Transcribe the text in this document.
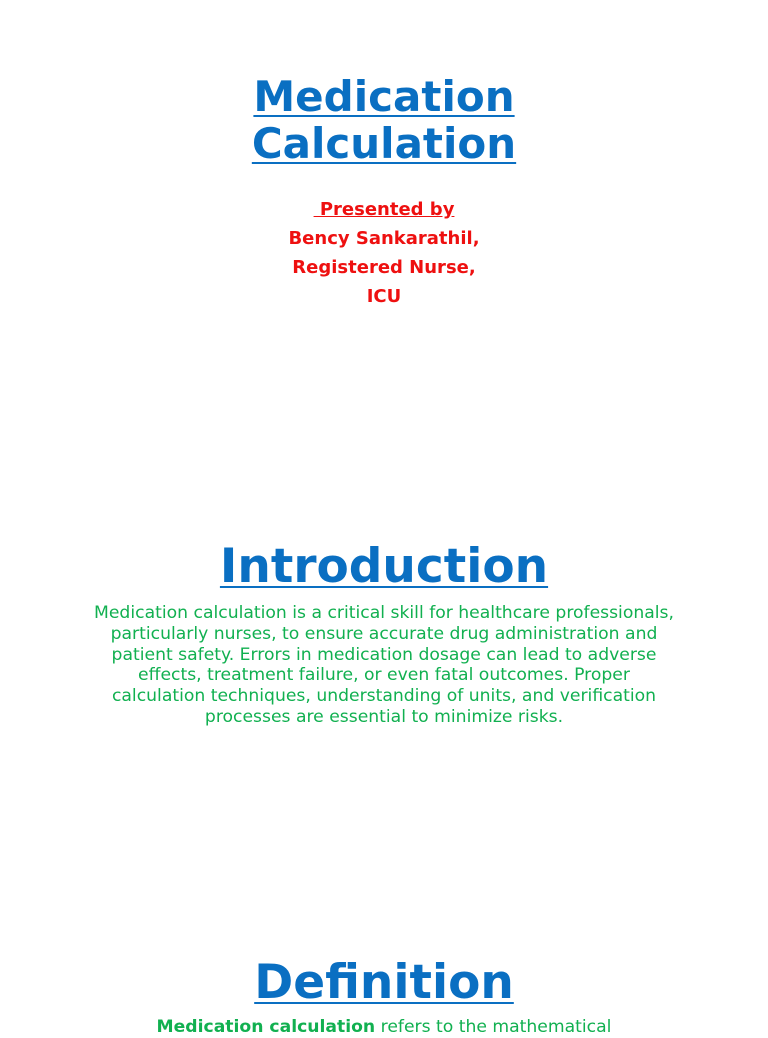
Medication
Calculation
Presented by
Bency Sankarathil,
Registered Nurse,
ICU
Introduction

Medication calculation is a critical skill for healthcare professionals, particularly nurses, to ensure accurate drug administration and patient safety. Errors in medication dosage can lead to adverse effects, treatment failure, or even fatal outcomes. Proper calculation techniques, understanding of units, and verification processes are essential to minimize risks.

Definition

Medication calculation refers to the mathematical
